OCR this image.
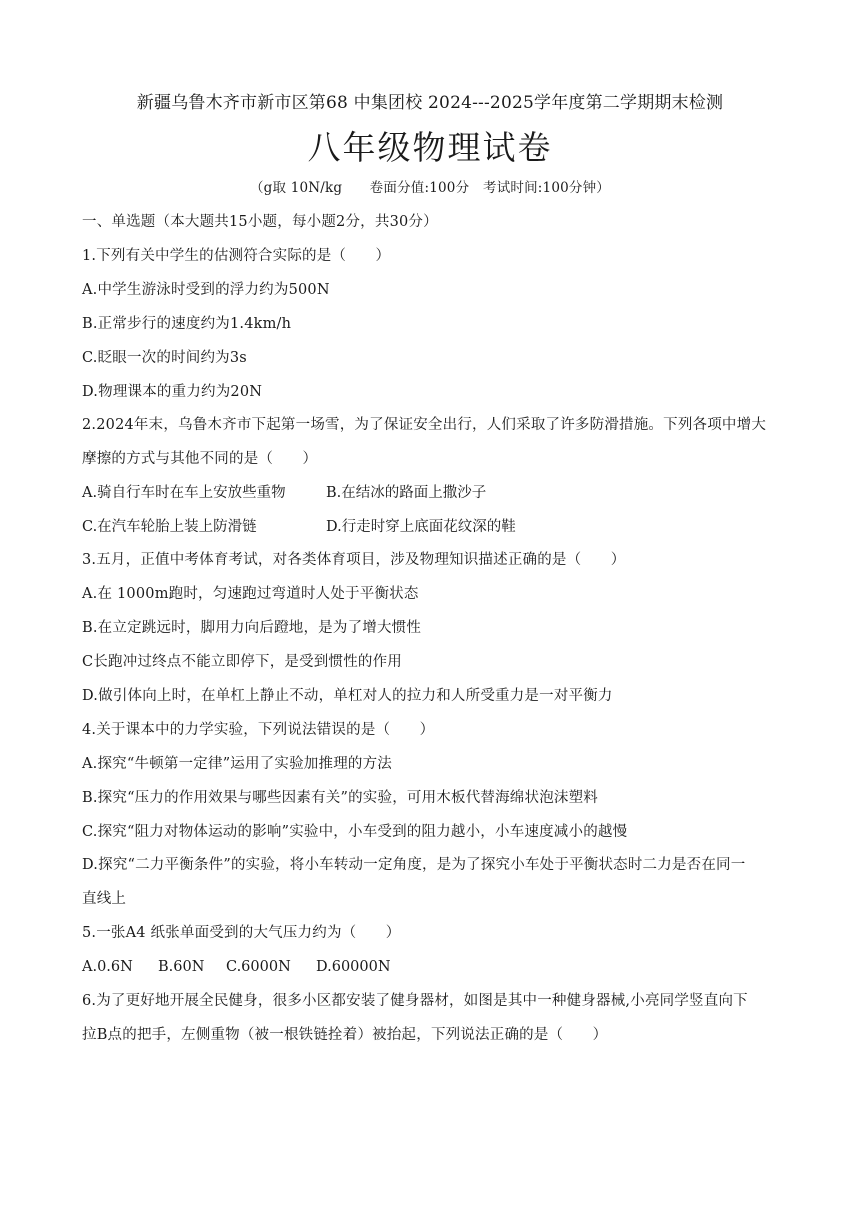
新疆乌鲁木齐市新市区第68 中集团校 2024---2025学年度第二学期期末检测
八年级物理试卷
（g取 10N/kg　　卷面分值:100分　考试时间:100分钟）
一、单选题（本大题共15小题，每小题2分，共30分）
1.下列有关中学生的估测符合实际的是（　　）
A.中学生游泳时受到的浮力约为500N
B.正常步行的速度约为1.4km/h
C.眨眼一次的时间约为3s
D.物理课本的重力约为20N
2.2024年末，乌鲁木齐市下起第一场雪，为了保证安全出行，人们采取了许多防滑措施。下列各项中增大
摩擦的方式与其他不同的是（　　）
A.骑自行车时在车上安放些重物	B.在结冰的路面上撒沙子
C.在汽车轮胎上装上防滑链	D.行走时穿上底面花纹深的鞋
3.五月，正值中考体育考试，对各类体育项目，涉及物理知识描述正确的是（　　）
A.在 1000m跑时，匀速跑过弯道时人处于平衡状态
B.在立定跳远时，脚用力向后蹬地，是为了增大惯性
C长跑冲过终点不能立即停下，是受到惯性的作用
D.做引体向上时，在单杠上静止不动，单杠对人的拉力和人所受重力是一对平衡力
4.关于课本中的力学实验，下列说法错误的是（　　）
A.探究“牛顿第一定律”运用了实验加推理的方法
B.探究“压力的作用效果与哪些因素有关”的实验，可用木板代替海绵状泡沫塑料
C.探究“阻力对物体运动的影响”实验中，小车受到的阻力越小，小车速度减小的越慢
D.探究“二力平衡条件”的实验，将小车转动一定角度，是为了探究小车处于平衡状态时二力是否在同一
直线上
5.一张A4 纸张单面受到的大气压力约为（　　）
A.0.6N B.60N C.6000N D.60000N
6.为了更好地开展全民健身，很多小区都安装了健身器材，如图是其中一种健身器械,小亮同学竖直向下
拉B点的把手，左侧重物（被一根铁链拴着）被抬起，下列说法正确的是（　　）
